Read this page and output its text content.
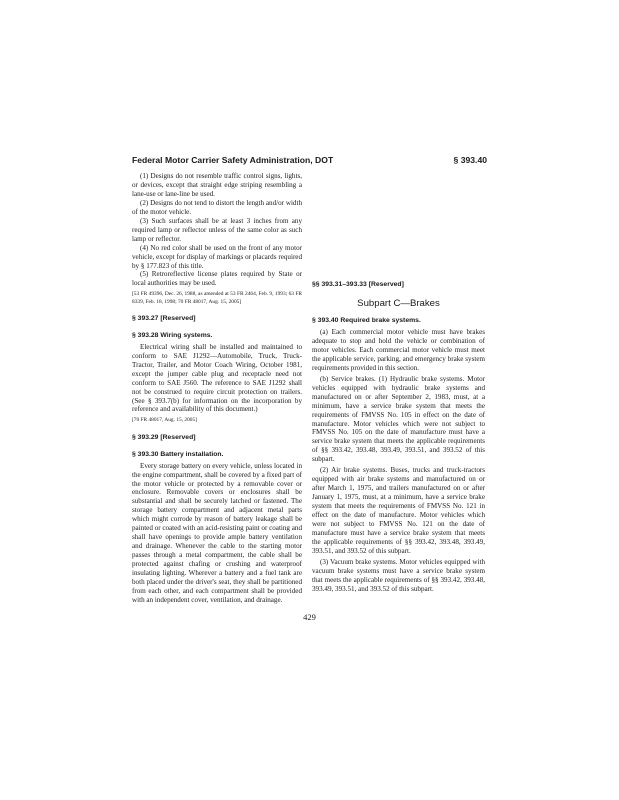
Federal Motor Carrier Safety Administration, DOT	§ 393.40

(1) Designs do not resemble traffic control signs, lights, or devices, except that straight edge striping resembling a lane-use or lane-line be used.

(2) Designs do not tend to distort the length and/or width of the motor vehicle.

(3) Such surfaces shall be at least 3 inches from any required lamp or reflector unless of the same color as such lamp or reflector.

(4) No red color shall be used on the front of any motor vehicle, except for display of markings or placards required by § 177.823 of this title.

(5) Retroreflective license plates required by State or local authorities may be used.

[53 FR 49396, Dec. 26, 1988, as amended at 53 FR 2464, Feb. 9, 1993; 63 FR 8339, Feb. 18, 1998; 70 FR 48017, Aug. 15, 2005]

§ 393.27 [Reserved]
§ 393.28 Wiring systems.

Electrical wiring shall be installed and maintained to conform to SAE J1292—Automobile, Truck, Truck-Tractor, Trailer, and Motor Coach Wiring, October 1981, except the jumper cable plug and receptacle need not conform to SAE J560. The reference to SAE J1292 shall not be construed to require circuit protection on trailers. (See § 393.7(b) for information on the incorporation by reference and availability of this document.)

[70 FR 48017, Aug. 15, 2005]

§ 393.29 [Reserved]
§ 393.30 Battery installation.

Every storage battery on every vehicle, unless located in the engine compartment, shall be covered by a fixed part of the motor vehicle or protected by a removable cover or enclosure. Removable covers or enclosures shall be substantial and shall be securely latched or fastened. The storage battery compartment and adjacent metal parts which might corrode by reason of battery leakage shall be painted or coated with an acid-resisting paint or coating and shall have openings to provide ample battery ventilation and drainage. Whenever the cable to the starting motor passes through a metal compartment, the cable shall be protected against chafing or crushing and waterproof insulating lighting. Wherever a battery and a fuel tank are both placed under the driver's seat, they shall be partitioned from each other, and each compartment shall be provided with an independent cover, ventilation, and drainage.

§§ 393.31–393.33 [Reserved]
Subpart C—Brakes
§ 393.40 Required brake systems.

(a) Each commercial motor vehicle must have brakes adequate to stop and hold the vehicle or combination of motor vehicles. Each commercial motor vehicle must meet the applicable service, parking, and emergency brake system requirements provided in this section.

(b) Service brakes. (1) Hydraulic brake systems. Motor vehicles equipped with hydraulic brake systems and manufactured on or after September 2, 1983, must, at a minimum, have a service brake system that meets the requirements of FMVSS No. 105 in effect on the date of manufacture. Motor vehicles which were not subject to FMVSS No. 105 on the date of manufacture must have a service brake system that meets the applicable requirements of §§ 393.42, 393.48, 393.49, 393.51, and 393.52 of this subpart.

(2) Air brake systems. Buses, trucks and truck-tractors equipped with air brake systems and manufactured on or after March 1, 1975, and trailers manufactured on or after January 1, 1975, must, at a minimum, have a service brake system that meets the requirements of FMVSS No. 121 in effect on the date of manufacture. Motor vehicles which were not subject to FMVSS No. 121 on the date of manufacture must have a service brake system that meets the applicable requirements of §§ 393.42, 393.48, 393.49, 393.51, and 393.52 of this subpart.

(3) Vacuum brake systems. Motor vehicles equipped with vacuum brake systems must have a service brake system that meets the applicable requirements of §§ 393.42, 393.48, 393.49, 393.51, and 393.52 of this subpart.

429
